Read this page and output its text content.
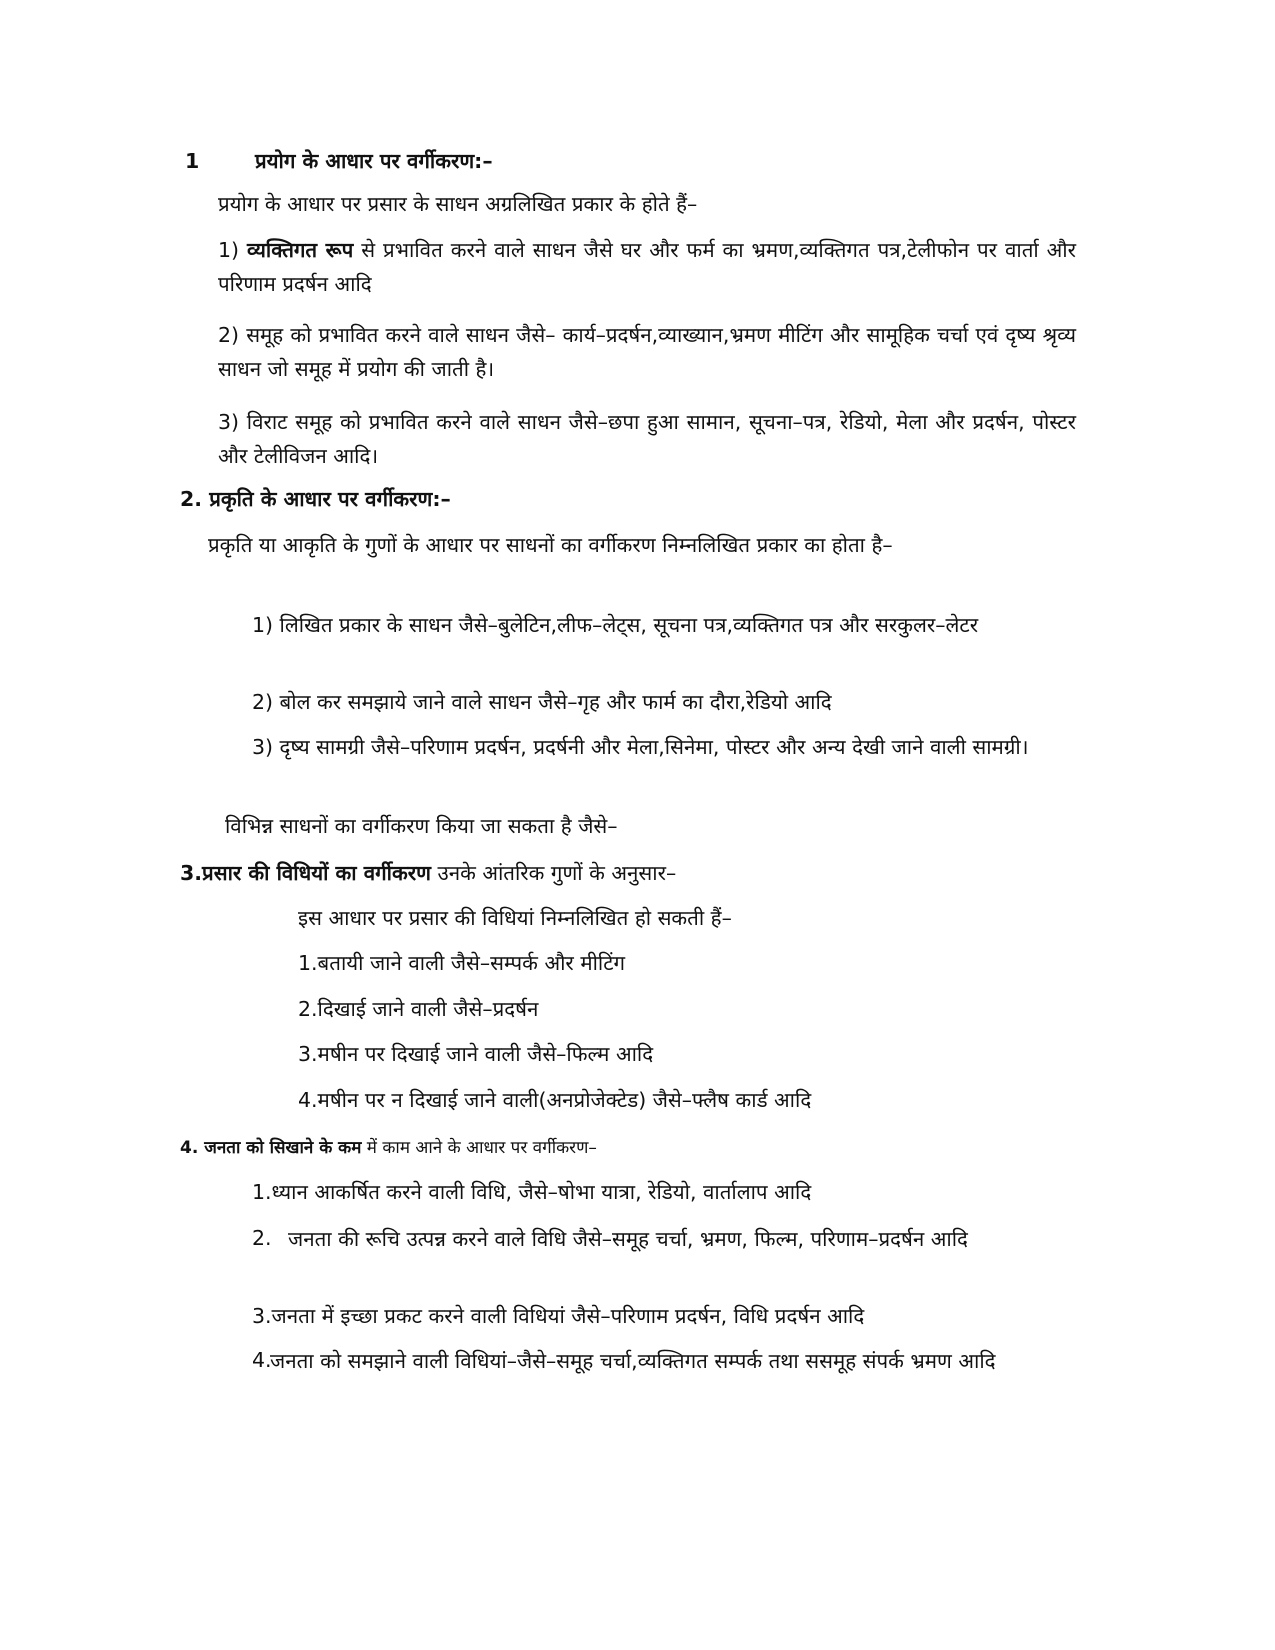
1	प्रयोग के आधार पर वर्गीकरण:–
प्रयोग के आधार पर प्रसार के साधन अग्रलिखित प्रकार के होते हैं–
1) व्यक्तिगत रूप से प्रभावित करने वाले साधन जैसे घर और फर्म का भ्रमण,व्यक्तिगत पत्र,टेलीफोन पर वार्ता और परिणाम प्रदर्षन आदि

2) समूह को प्रभावित करने वाले साधन जैसे– कार्य–प्रदर्षन,व्याख्यान,भ्रमण मीटिंग और सामूहिक चर्चा एवं दृष्य श्रृव्य साधन जो समूह में प्रयोग की जाती है।

3) विराट समूह को प्रभावित करने वाले साधन जैसे–छपा हुआ सामान, सूचना–पत्र, रेडियो, मेला और प्रदर्षन, पोस्टर और टेलीविजन आदि।

2. प्रकृति के आधार पर वर्गीकरण:–

प्रकृति या आकृति के गुणों के आधार पर साधनों का वर्गीकरण निम्नलिखित प्रकार का होता है–

1) लिखित प्रकार के साधन जैसे–बुलेटिन,लीफ–लेट्स, सूचना पत्र,व्यक्तिगत पत्र और सरकुलर–लेटर

2) बोल कर समझाये जाने वाले साधन जैसे–गृह और फार्म का दौरा,रेडियो आदि

3) दृष्य सामग्री जैसे–परिणाम प्रदर्षन, प्रदर्षनी और मेला,सिनेमा, पोस्टर और अन्य देखी जाने वाली सामग्री।

विभिन्न साधनों का वर्गीकरण किया जा सकता है जैसे–
3.प्रसार की विधियों का वर्गीकरण उनके आंतरिक गुणों के अनुसार–
इस आधार पर प्रसार की विधियां निम्नलिखित हो सकती हैं–
1.बतायी जाने वाली जैसे–सम्पर्क और मीटिंग
2.दिखाई जाने वाली जैसे–प्रदर्षन
3.मषीन पर दिखाई जाने वाली जैसे–फिल्म आदि
4.मषीन पर न दिखाई जाने वाली(अनप्रोजेक्टेड) जैसे–फ्लैष कार्ड आदि
4. जनता को सिखाने के कम में काम आने के आधार पर वर्गीकरण–
1.ध्यान आकर्षित करने वाली विधि, जैसे–षोभा यात्रा, रेडियो, वार्तालाप आदि
2. जनता की रूचि उत्पन्न करने वाले विधि जैसे–समूह चर्चा, भ्रमण, फिल्म, परिणाम–प्रदर्षन आदि

3.जनता में इच्छा प्रकट करने वाली विधियां जैसे–परिणाम प्रदर्षन, विधि प्रदर्षन आदि
4.

जनता को समझाने वाली विधियां–जैसे–समूह चर्चा,व्यक्तिगत सम्पर्क तथा ससमूह संपर्क भ्रमण आदि
